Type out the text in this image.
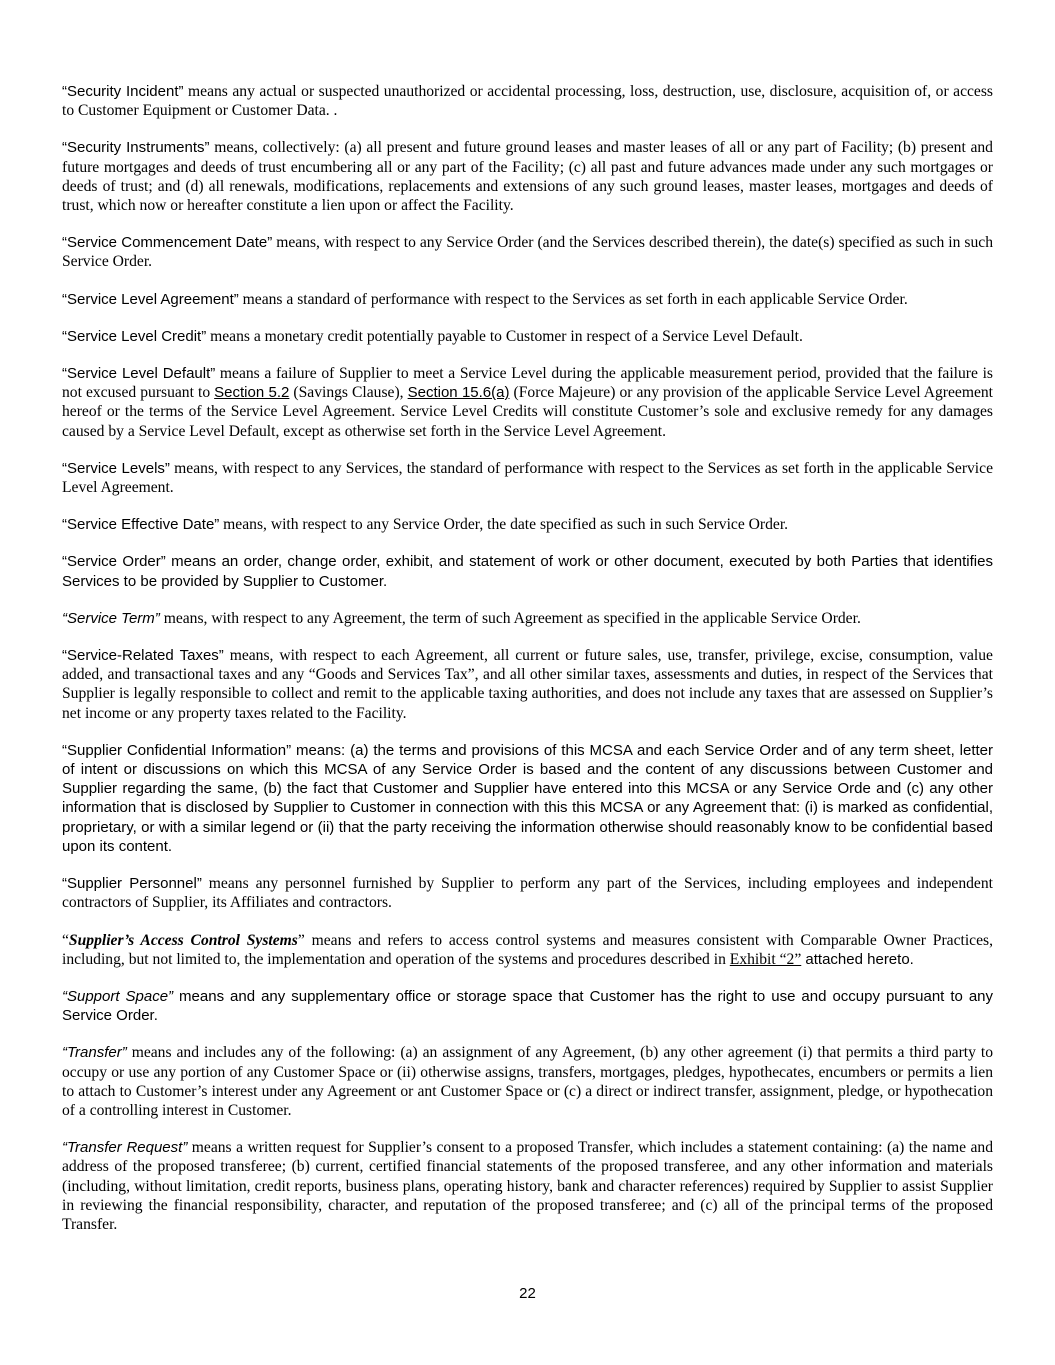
“Security Incident” means any actual or suspected unauthorized or accidental processing, loss, destruction, use, disclosure, acquisition of, or access to Customer Equipment or Customer Data. .

“Security Instruments” means, collectively: (a) all present and future ground leases and master leases of all or any part of Facility; (b) present and future mortgages and deeds of trust encumbering all or any part of the Facility; (c) all past and future advances made under any such mortgages or deeds of trust; and (d) all renewals, modifications, replacements and extensions of any such ground leases, master leases, mortgages and deeds of trust, which now or hereafter constitute a lien upon or affect the Facility.

“Service Commencement Date” means, with respect to any Service Order (and the Services described therein), the date(s) specified as such in such Service Order.

“Service Level Agreement” means a standard of performance with respect to the Services as set forth in each applicable Service Order.

“Service Level Credit” means a monetary credit potentially payable to Customer in respect of a Service Level Default.

“Service Level Default” means a failure of Supplier to meet a Service Level during the applicable measurement period, provided that the failure is not excused pursuant to Section 5.2 (Savings Clause), Section 15.6(a) (Force Majeure) or any provision of the applicable Service Level Agreement hereof or the terms of the Service Level Agreement. Service Level Credits will constitute Customer’s sole and exclusive remedy for any damages caused by a Service Level Default, except as otherwise set forth in the Service Level Agreement.

“Service Levels” means, with respect to any Services, the standard of performance with respect to the Services as set forth in the applicable Service Level Agreement.

“Service Effective Date” means, with respect to any Service Order, the date specified as such in such Service Order.

“Service Order” means an order, change order, exhibit, and statement of work or other document, executed by both Parties that identifies Services to be provided by Supplier to Customer.

“Service Term” means, with respect to any Agreement, the term of such Agreement as specified in the applicable Service Order.

“Service-Related Taxes” means, with respect to each Agreement, all current or future sales, use, transfer, privilege, excise, consumption, value added, and transactional taxes and any “Goods and Services Tax”, and all other similar taxes, assessments and duties, in respect of the Services that Supplier is legally responsible to collect and remit to the applicable taxing authorities, and does not include any taxes that are assessed on Supplier’s net income or any property taxes related to the Facility.

“Supplier Confidential Information” means: (a) the terms and provisions of this MCSA and each Service Order and of any term sheet, letter of intent or discussions on which this MCSA of any Service Order is based and the content of any discussions between Customer and Supplier regarding the same, (b) the fact that Customer and Supplier have entered into this MCSA or any Service Orde and (c) any other information that is disclosed by Supplier to Customer in connection with this this MCSA or any Agreement that: (i) is marked as confidential, proprietary, or with a similar legend or (ii) that the party receiving the information otherwise should reasonably know to be confidential based upon its content.

“Supplier Personnel” means any personnel furnished by Supplier to perform any part of the Services, including employees and independent contractors of Supplier, its Affiliates and contractors.

“Supplier’s Access Control Systems” means and refers to access control systems and measures consistent with Comparable Owner Practices, including, but not limited to, the implementation and operation of the systems and procedures described in Exhibit “2” attached hereto.

“Support Space” means and any supplementary office or storage space that Customer has the right to use and occupy pursuant to any Service Order.

“Transfer” means and includes any of the following: (a) an assignment of any Agreement, (b) any other agreement (i) that permits a third party to occupy or use any portion of any Customer Space or (ii) otherwise assigns, transfers, mortgages, pledges, hypothecates, encumbers or permits a lien to attach to Customer’s interest under any Agreement or ant Customer Space or (c) a direct or indirect transfer, assignment, pledge, or hypothecation of a controlling interest in Customer.

“Transfer Request” means a written request for Supplier’s consent to a proposed Transfer, which includes a statement containing: (a) the name and address of the proposed transferee; (b) current, certified financial statements of the proposed transferee, and any other information and materials (including, without limitation, credit reports, business plans, operating history, bank and character references) required by Supplier to assist Supplier in reviewing the financial responsibility, character, and reputation of the proposed transferee; and (c) all of the principal terms of the proposed Transfer.

22
